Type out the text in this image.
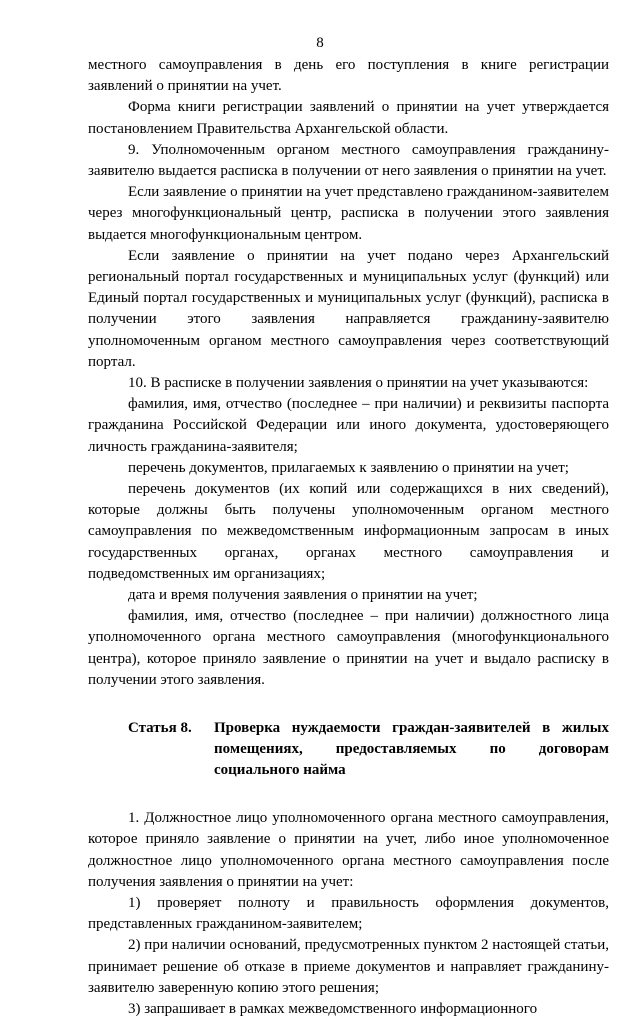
8

местного самоуправления в день его поступления в книге регистрации заявлений о принятии на учет.

Форма книги регистрации заявлений о принятии на учет утверждается постановлением Правительства Архангельской области.

9. Уполномоченным органом местного самоуправления гражданину-заявителю выдается расписка в получении от него заявления о принятии на учет.

Если заявление о принятии на учет представлено гражданином-заявителем через многофункциональный центр, расписка в получении этого заявления выдается многофункциональным центром.

Если заявление о принятии на учет подано через Архангельский региональный портал государственных и муниципальных услуг (функций) или Единый портал государственных и муниципальных услуг (функций), расписка в получении этого заявления направляется гражданину-заявителю уполномоченным органом местного самоуправления через соответствующий портал.

10. В расписке в получении заявления о принятии на учет указываются:

фамилия, имя, отчество (последнее – при наличии) и реквизиты паспорта гражданина Российской Федерации или иного документа, удостоверяющего личность гражданина-заявителя;

перечень документов, прилагаемых к заявлению о принятии на учет;

перечень документов (их копий или содержащихся в них сведений), которые должны быть получены уполномоченным органом местного самоуправления по межведомственным информационным запросам в иных государственных органах, органах местного самоуправления и подведомственных им организациях;

дата и время получения заявления о принятии на учет;

фамилия, имя, отчество (последнее – при наличии) должностного лица уполномоченного органа местного самоуправления (многофункционального центра), которое приняло заявление о принятии на учет и выдало расписку в получении этого заявления.

Статья 8.	Проверка нуждаемости граждан-заявителей в жилых помещениях, предоставляемых по договорам социального найма

1. Должностное лицо уполномоченного органа местного самоуправления, которое приняло заявление о принятии на учет, либо иное уполномоченное должностное лицо уполномоченного органа местного самоуправления после получения заявления о принятии на учет:

1) проверяет полноту и правильность оформления документов, представленных гражданином-заявителем;

2) при наличии оснований, предусмотренных пунктом 2 настоящей статьи, принимает решение об отказе в приеме документов и направляет гражданину-заявителю заверенную копию этого решения;

3) запрашивает в рамках межведомственного информационного
